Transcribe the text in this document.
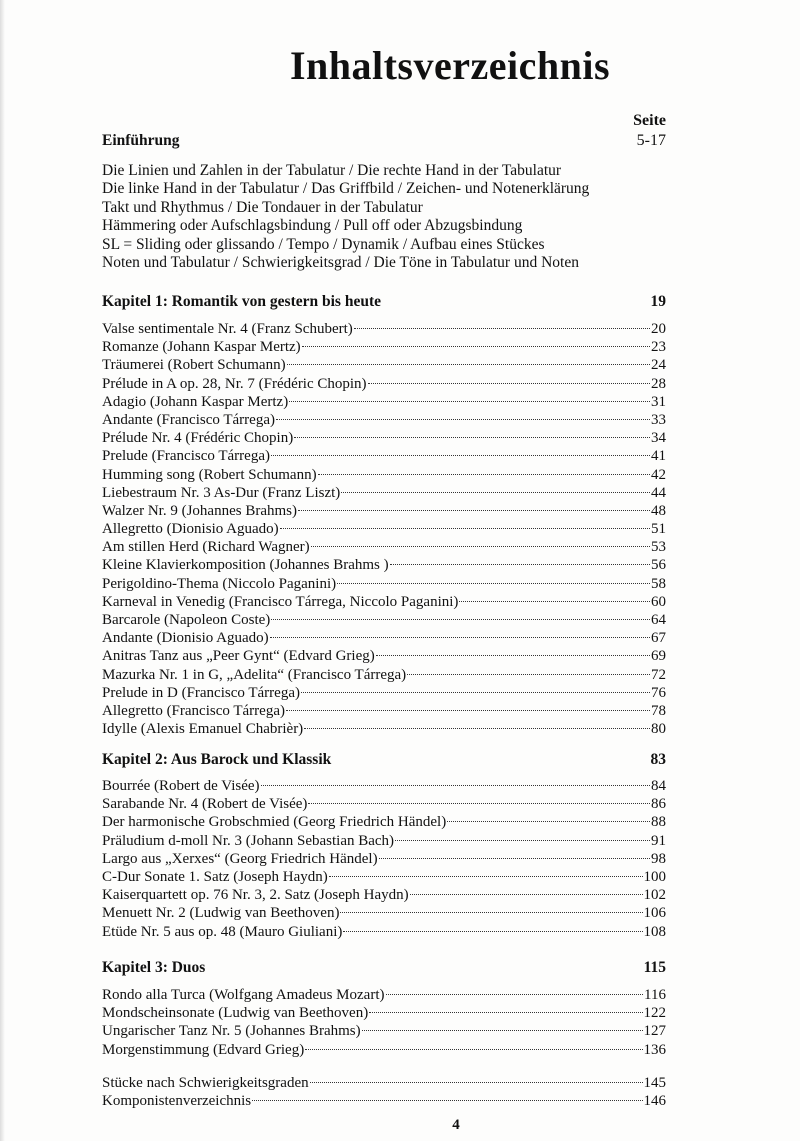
Inhaltsverzeichnis
Seite
Einführung	5-17
Die Linien und Zahlen in der Tabulatur / Die rechte Hand in der Tabulatur
Die linke Hand in der Tabulatur / Das Griffbild / Zeichen- und Notenerklärung
Takt und Rhythmus / Die Tondauer in der Tabulatur
Hämmering oder Aufschlagsbindung / Pull off oder Abzugsbindung
SL = Sliding oder glissando / Tempo / Dynamik / Aufbau eines Stückes
Noten und Tabulatur / Schwierigkeitsgrad / Die Töne in Tabulatur und Noten
Kapitel 1: Romantik von gestern bis heute	19
Valse sentimentale Nr. 4 (Franz Schubert)	20
Romanze (Johann Kaspar Mertz)	23
Träumerei (Robert Schumann)	24
Prélude in A op. 28, Nr. 7 (Frédéric Chopin)	28
Adagio (Johann Kaspar Mertz)	31
Andante (Francisco Tárrega)	33
Prélude Nr. 4 (Frédéric Chopin)	34
Prelude (Francisco Tárrega)	41
Humming song (Robert Schumann)	42
Liebestraum Nr. 3 As-Dur (Franz Liszt)	44
Walzer Nr. 9 (Johannes Brahms)	48
Allegretto (Dionisio Aguado)	51
Am stillen Herd (Richard Wagner)	53
Kleine Klavierkomposition (Johannes Brahms )	56
Perigoldino-Thema (Niccolo Paganini)	58
Karneval in Venedig (Francisco Tárrega, Niccolo Paganini)	60
Barcarole (Napoleon Coste)	64
Andante (Dionisio Aguado)	67
Anitras Tanz aus „Peer Gynt“ (Edvard Grieg)	69
Mazurka Nr. 1 in G, „Adelita“ (Francisco Tárrega)	72
Prelude in D (Francisco Tárrega)	76
Allegretto (Francisco Tárrega)	78
Idylle (Alexis Emanuel Chabrièr)	80
Kapitel 2: Aus Barock und Klassik	83
Bourrée (Robert de Visée)	84
Sarabande Nr. 4 (Robert de Visée)	86
Der harmonische Grobschmied (Georg Friedrich Händel)	88
Präludium d-moll Nr. 3 (Johann Sebastian Bach)	91
Largo aus „Xerxes“ (Georg Friedrich Händel)	98
C-Dur Sonate 1. Satz (Joseph Haydn)	100
Kaiserquartett op. 76 Nr. 3, 2. Satz (Joseph Haydn)	102
Menuett Nr. 2 (Ludwig van Beethoven)	106
Etüde Nr. 5 aus op. 48 (Mauro Giuliani)	108
Kapitel 3: Duos	115
Rondo alla Turca (Wolfgang Amadeus Mozart)	116
Mondscheinsonate (Ludwig van Beethoven)	122
Ungarischer Tanz Nr. 5 (Johannes Brahms)	127
Morgenstimmung (Edvard Grieg)	136
Stücke nach Schwierigkeitsgraden	145
Komponistenverzeichnis	146
4
